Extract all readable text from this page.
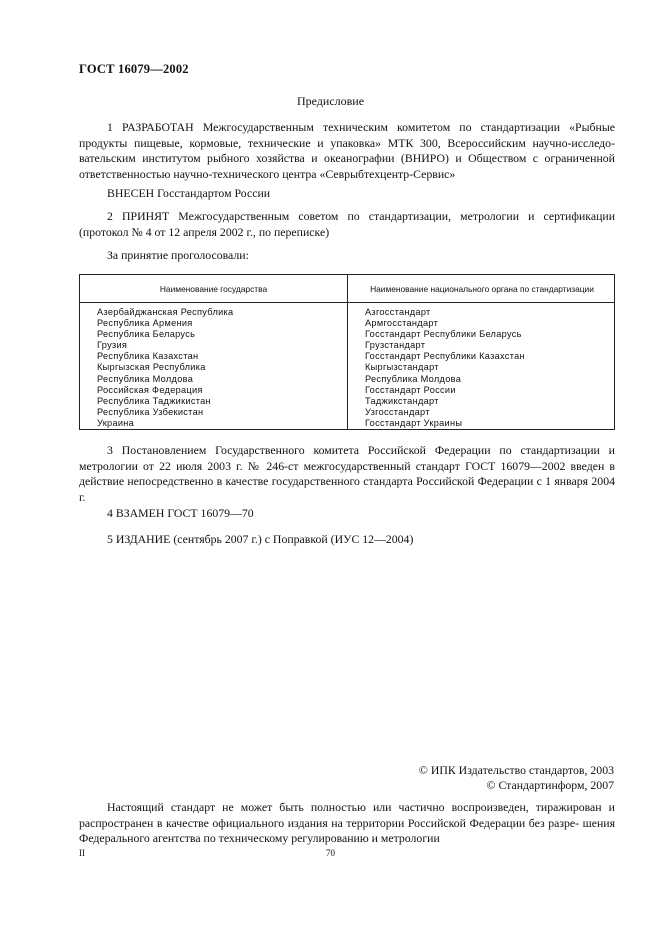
ГОСТ 16079—2002
Предисловие
1 РАЗРАБОТАН Межгосударственным техническим комитетом по стандартизации «Рыбные продукты пищевые, кормовые, технические и упаковка» МТК 300, Всероссийским научно-исследо- вательским институтом рыбного хозяйства и океанографии (ВНИРО) и Обществом с ограниченной ответственностью научно-технического центра «Севрыбтехцентр-Сервис»
ВНЕСЕН Госстандартом России
2 ПРИНЯТ Межгосударственным советом по стандартизации, метрологии и сертификации (протокол № 4 от 12 апреля 2002 г., по переписке)
За принятие проголосовали:
Наименование государства	Наименование национального органа по стандартизации
Азербайджанская Республика
Республика Армения
Республика Беларусь
Грузия
Республика Казахстан
Кыргызская Республика
Республика Молдова
Российская Федерация
Республика Таджикистан
Республика Узбекистан
Украина
Азгосстандарт
Армгосстандарт
Госстандарт Республики Беларусь
Грузстандарт
Госстандарт Республики Казахстан
Кыргызстандарт
Республика Молдова
Госстандарт России
Таджикстандарт
Узгосстандарт
Госстандарт Украины
3 Постановлением Государственного комитета Российской Федерации по стандартизации и метрологии от 22 июля 2003 г. № 246-ст межгосударственный стандарт ГОСТ 16079—2002 введен в действие непосредственно в качестве государственного стандарта Российской Федерации с 1 января 2004 г.
4 ВЗАМЕН ГОСТ 16079—70
5 ИЗДАНИЕ (сентябрь 2007 г.) с Поправкой (ИУС 12—2004)
© ИПК Издательство стандартов, 2003
© Стандартинформ, 2007
Настоящий стандарт не может быть полностью или частично воспроизведен, тиражирован и распространен в качестве официального издания на территории Российской Федерации без разре- шения Федерального агентства по техническому регулированию и метрологии
II	70
